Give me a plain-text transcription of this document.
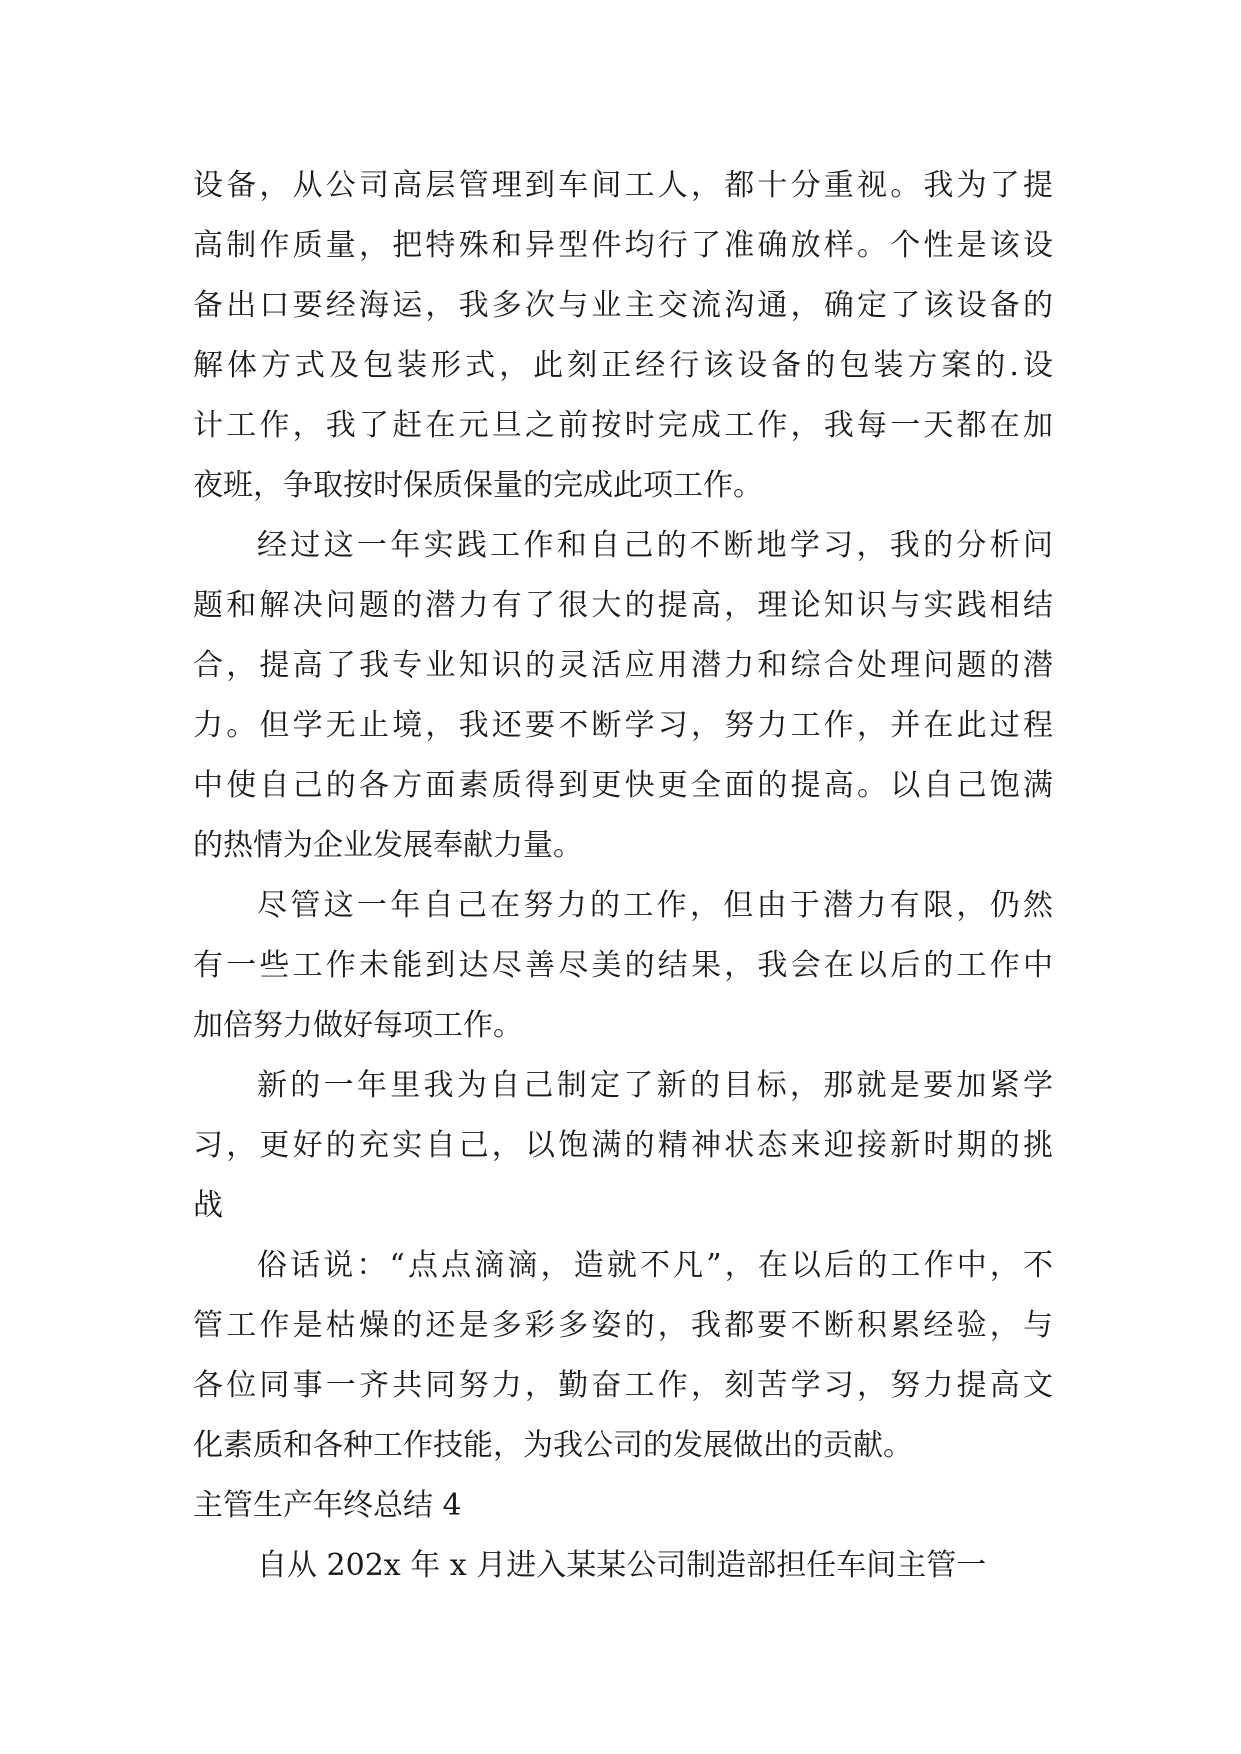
设备，从公司高层管理到车间工人，都十分重视。我为了提
高制作质量，把特殊和异型件均行了准确放样。个性是该设
备出口要经海运，我多次与业主交流沟通，确定了该设备的
解体方式及包装形式，此刻正经行该设备的包装方案的.设
计工作，我了赶在元旦之前按时完成工作，我每一天都在加
夜班，争取按时保质保量的完成此项工作。
经过这一年实践工作和自己的不断地学习，我的分析问
题和解决问题的潜力有了很大的提高，理论知识与实践相结
合，提高了我专业知识的灵活应用潜力和综合处理问题的潜
力。但学无止境，我还要不断学习，努力工作，并在此过程
中使自己的各方面素质得到更快更全面的提高。以自己饱满
的热情为企业发展奉献力量。
尽管这一年自己在努力的工作，但由于潜力有限，仍然
有一些工作未能到达尽善尽美的结果，我会在以后的工作中
加倍努力做好每项工作。
新的一年里我为自己制定了新的目标，那就是要加紧学
习，更好的充实自己，以饱满的精神状态来迎接新时期的挑
战
俗话说：“点点滴滴，造就不凡”，在以后的工作中，不
管工作是枯燥的还是多彩多姿的，我都要不断积累经验，与
各位同事一齐共同努力，勤奋工作，刻苦学习，努力提高文
化素质和各种工作技能，为我公司的发展做出的贡献。
主管生产年终总结 4
自从 202x 年 x 月进入某某公司制造部担任车间主管一
